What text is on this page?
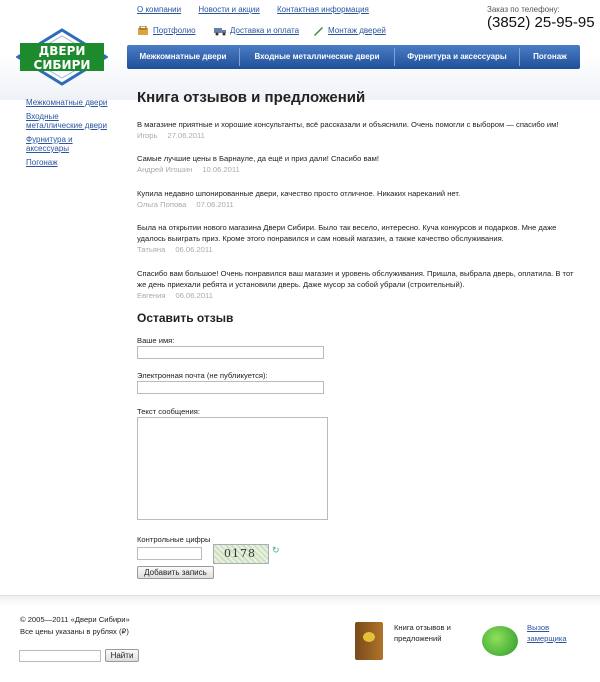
О компании Новости и акции Контактная информация	Заказ по телефону:
(3852) 25-95-95
ДВЕРИ
СИБИРИ
Портфолио	Доставка и оплата	Монтаж дверей
Межкомнатные двери	Входные металлические двери	Фурнитура и аксессуары	Погонаж
Межкомнатные двери
Входные металлические двери
Фурнитура и аксессуары
Погонаж
Книга отзывов и предложений
В магазине приятные и хорошие консультанты, всё рассказали и объяснили. Очень помогли с выбором — спасибо им!
Игорь 27.06.2011
Самые лучшие цены в Барнауле, да ещё и приз дали! Спасибо вам!
Андрей Игошин 10.06.2011
Купила недавно шпонированные двери, качество просто отличное. Никаких нареканий нет.
Ольга Попова 07.06.2011
Была на открытии нового магазина Двери Сибири. Было так весело, интересно. Куча конкурсов и подарков. Мне даже удалось выиграть приз. Кроме этого понравился и сам новый магазин, а также качество обслуживания.
Татьяна 06.06.2011
Спасибо вам большое! Очень понравился ваш магазин и уровень обслуживания. Пришла, выбрала дверь, оплатила. В тот же день приехали ребята и установили дверь. Даже мусор за собой убрали (строительный).
Евгения 06.06.2011
Оставить отзыв
Ваше имя:
Электронная почта (не публикуется):
Текст сообщения:
Контрольные цифры
0178 ↻
Добавить запись
© 2005—2011 «Двери Сибири»
Все цены указаны в рублях (₽)
Найти
Книга отзывов и предложений
Вызов замерщика
